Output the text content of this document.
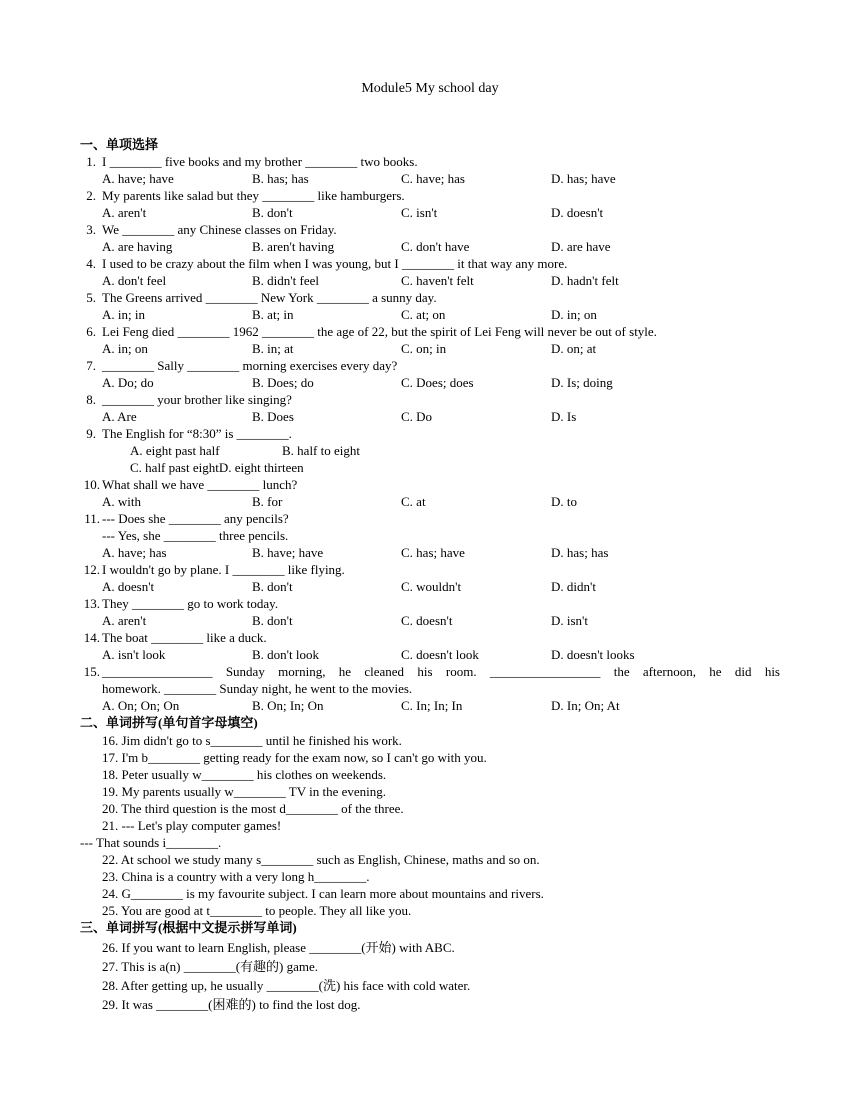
Module5 My school day
一、单项选择
1. I ________ five books and my brother ________ two books.
A. have; have	B. has; has	C. have; has	D. has; have
2. My parents like salad but they ________ like hamburgers.
A. aren't	B. don't	C. isn't	D. doesn't
3. We ________ any Chinese classes on Friday.
A. are having	B. aren't having	C. don't have	D. are have
4. I used to be crazy about the film when I was young, but I ________ it that way any more.
A. don't feel	B. didn't feel	C. haven't felt	D. hadn't felt
5. The Greens arrived ________ New York ________ a sunny day.
A. in; in	B. at; in	C. at; on	D. in; on
6. Lei Feng died ________ 1962 ________ the age of 22, but the spirit of Lei Feng will never be out of style.
A. in; on	B. in; at	C. on; in	D. on; at
7. ________ Sally ________ morning exercises every day?
A. Do; do	B. Does; do	C. Does; does	D. Is; doing
8. ________ your brother like singing?
A. Are	B. Does	C. Do	D. Is
9. The English for “8:30” is ________.
A. eight past half	B. half to eight
C. half past eightD. eight thirteen
10. What shall we have ________ lunch?
A. with	B. for	C. at	D. to
11. --- Does she ________ any pencils?
--- Yes, she ________ three pencils.
A. have; has	B. have; have	C. has; have	D. has; has
12. I wouldn't go by plane. I ________ like flying.
A. doesn't	B. don't	C. wouldn't	D. didn't
13. They ________ go to work today.
A. aren't	B. don't	C. doesn't	D. isn't
14. The boat ________ like a duck.
A. isn't look	B. don't look	C. doesn't look	D. doesn't looks
15. _________________ Sunday morning, he cleaned his room. _________________ the afternoon, he did his
homework. ________ Sunday night, he went to the movies.
A. On; On; On	B. On; In; On	C. In; In; In	D. In; On; At
二、单词拼写(单句首字母填空)
16. Jim didn't go to s________ until he finished his work.
17. I'm b________ getting ready for the exam now, so I can't go with you.
18. Peter usually w________ his clothes on weekends.
19. My parents usually w________ TV in the evening.
20. The third question is the most d________ of the three.
21. --- Let's play computer games!
--- That sounds i________.
22. At school we study many s________ such as English, Chinese, maths and so on.
23. China is a country with a very long h________.
24. G________ is my favourite subject. I can learn more about mountains and rivers.
25. You are good at t________ to people. They all like you.
三、单词拼写(根据中文提示拼写单词)
26. If you want to learn English, please ________(开始) with ABC.
27. This is a(n) ________(有趣的) game.
28. After getting up, he usually ________(洗) his face with cold water.
29. It was ________(困难的) to find the lost dog.
